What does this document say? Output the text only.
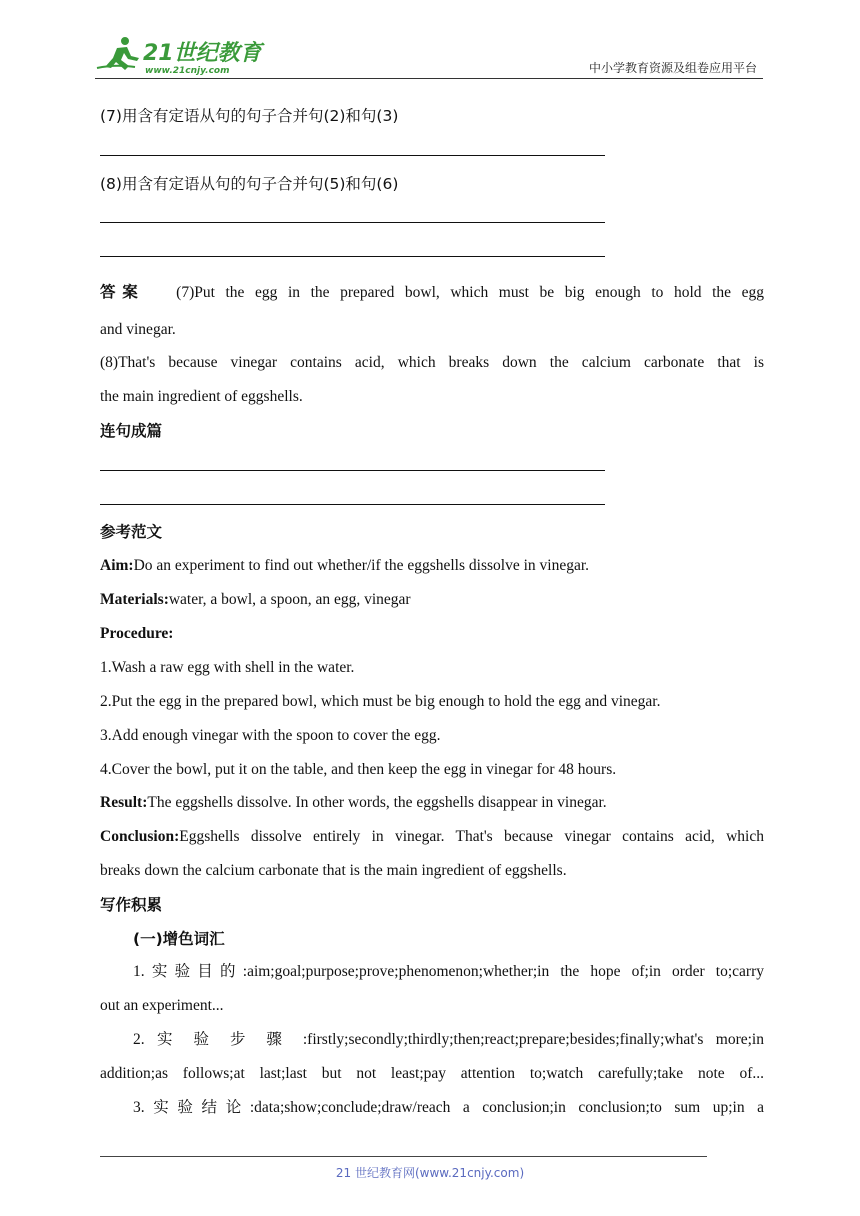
21世纪教育
www.21cnjy.com	中小学教育资源及组卷应用平台
(7)用含有定语从句的句子合并句(2)和句(3)
(8)用含有定语从句的句子合并句(5)和句(6)
答案 (7)Put the egg in the prepared bowl, which must be big enough to hold the egg
and vinegar.
(8)That's because vinegar contains acid, which breaks down the calcium carbonate that is
the main ingredient of eggshells.
连句成篇
参考范文
Aim:Do an experiment to find out whether/if the eggshells dissolve in vinegar.
Materials:water, a bowl, a spoon, an egg, vinegar
Procedure:
1.Wash a raw egg with shell in the water.
2.Put the egg in the prepared bowl, which must be big enough to hold the egg and vinegar.
3.Add enough vinegar with the spoon to cover the egg.
4.Cover the bowl, put it on the table, and then keep the egg in vinegar for 48 hours.
Result:The eggshells dissolve. In other words, the eggshells disappear in vinegar.
Conclusion:Eggshells dissolve entirely in vinegar. That's because vinegar contains acid, which
breaks down the calcium carbonate that is the main ingredient of eggshells.
写作积累
(一)增色词汇
1.实验目的:aim;goal;purpose;prove;phenomenon;whether;in the hope of;in order to;carry
out an experiment...
2. 实 验 步 骤 :firstly;secondly;thirdly;then;react;prepare;besides;finally;what's more;in
addition;as follows;at last;last but not least;pay attention to;watch carefully;take note of...
3.实验结论:data;show;conclude;draw/reach a conclusion;in conclusion;to sum up;in a
21 世纪教育网(www.21cnjy.com)
